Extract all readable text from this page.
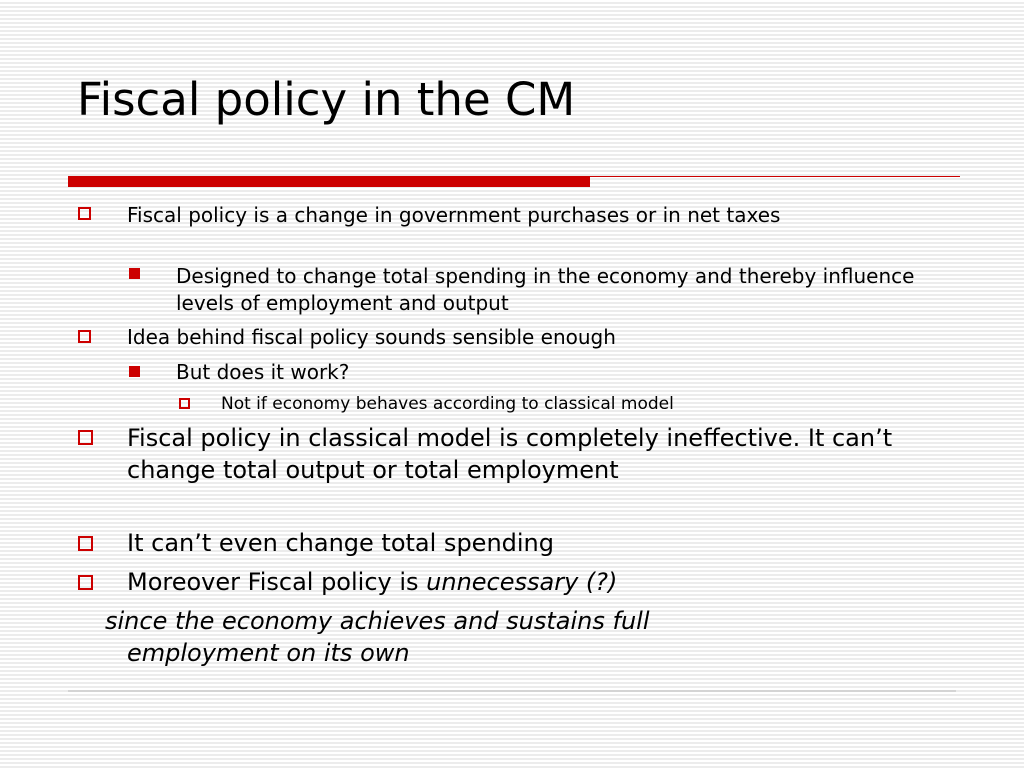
Fiscal policy in the CM

Fiscal policy is a change in government purchases or in net taxes

Designed to change total spending in the economy and thereby influence levels of employment and output

Idea behind fiscal policy sounds sensible enough

But does it work?

Not if economy behaves according to classical model

Fiscal policy in classical model is completely ineffective. It can’t change total output or total employment

It can’t even change total spending

Moreover Fiscal policy is unnecessary (?)

since the economy achieves and sustains full
employment on its own
